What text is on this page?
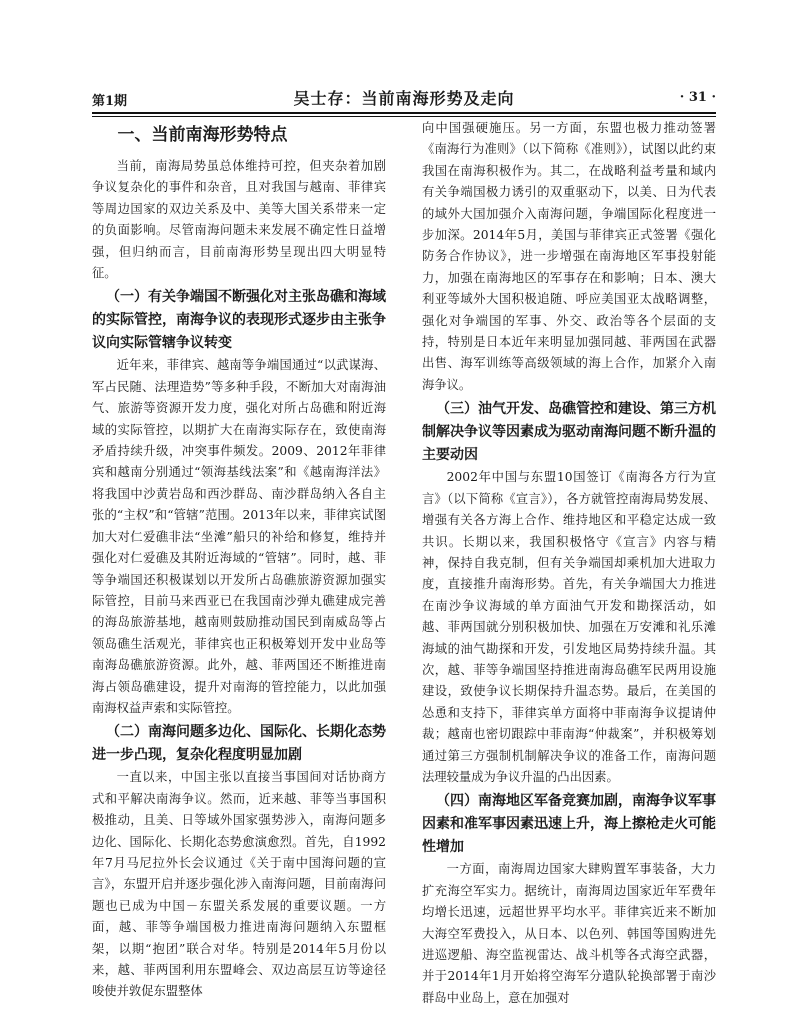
第1期	吴士存：当前南海形势及走向	· 31 ·
一、当前南海形势特点

当前，南海局势虽总体维持可控，但夹杂着加剧争议复杂化的事件和杂音，且对我国与越南、菲律宾等周边国家的双边关系及中、美等大国关系带来一定的负面影响。尽管南海问题未来发展不确定性日益增强，但归纳而言，目前南海形势呈现出四大明显特征。

（一）有关争端国不断强化对主张岛礁和海域的实际管控，南海争议的表现形式逐步由主张争议向实际管辖争议转变

近年来，菲律宾、越南等争端国通过“以武谋海、军占民随、法理造势”等多种手段，不断加大对南海油气、旅游等资源开发力度，强化对所占岛礁和附近海域的实际管控，以期扩大在南海实际存在，致使南海矛盾持续升级，冲突事件频发。2009、2012年菲律宾和越南分别通过“领海基线法案”和《越南海洋法》将我国中沙黄岩岛和西沙群岛、南沙群岛纳入各自主张的“主权”和“管辖”范围。2013年以来，菲律宾试图加大对仁爱礁非法“坐滩”船只的补给和修复，维持并强化对仁爱礁及其附近海域的“管辖”。同时，越、菲等争端国还积极谋划以开发所占岛礁旅游资源加强实际管控，目前马来西亚已在我国南沙弹丸礁建成完善的海岛旅游基地，越南则鼓励推动国民到南威岛等占领岛礁生活观光，菲律宾也正积极筹划开发中业岛等南海岛礁旅游资源。此外，越、菲两国还不断推进南海占领岛礁建设，提升对南海的管控能力，以此加强南海权益声索和实际管控。

（二）南海问题多边化、国际化、长期化态势进一步凸现，复杂化程度明显加剧

一直以来，中国主张以直接当事国间对话协商方式和平解决南海争议。然而，近来越、菲等当事国积极推动，且美、日等域外国家强势涉入，南海问题多边化、国际化、长期化态势愈演愈烈。首先，自1992年7月马尼拉外长会议通过《关于南中国海问题的宣言》，东盟开启并逐步强化涉入南海问题，目前南海问题也已成为中国－东盟关系发展的重要议题。一方面，越、菲等争端国极力推进南海问题纳入东盟框架，以期“抱团”联合对华。特别是2014年5月份以来，越、菲两国利用东盟峰会、双边高层互访等途径唆使并敦促东盟整体

向中国强硬施压。另一方面，东盟也极力推动签署《南海行为准则》（以下简称《准则》），试图以此约束我国在南海积极作为。其二，在战略利益考量和域内有关争端国极力诱引的双重驱动下，以美、日为代表的域外大国加强介入南海问题，争端国际化程度进一步加深。2014年5月，美国与菲律宾正式签署《强化防务合作协议》，进一步增强在南海地区军事投射能力，加强在南海地区的军事存在和影响；日本、澳大利亚等域外大国积极追随、呼应美国亚太战略调整，强化对争端国的军事、外交、政治等各个层面的支持，特别是日本近年来明显加强同越、菲两国在武器出售、海军训练等高级领域的海上合作，加紧介入南海争议。

（三）油气开发、岛礁管控和建设、第三方机制解决争议等因素成为驱动南海问题不断升温的主要动因

2002年中国与东盟10国签订《南海各方行为宣言》（以下简称《宣言》），各方就管控南海局势发展、增强有关各方海上合作、维持地区和平稳定达成一致共识。长期以来，我国积极恪守《宣言》内容与精神，保持自我克制，但有关争端国却乘机加大进取力度，直接推升南海形势。首先，有关争端国大力推进在南沙争议海域的单方面油气开发和勘探活动，如越、菲两国就分别积极加快、加强在万安滩和礼乐滩海域的油气勘探和开发，引发地区局势持续升温。其次，越、菲等争端国坚持推进南海岛礁军民两用设施建设，致使争议长期保持升温态势。最后，在美国的怂恿和支持下，菲律宾单方面将中菲南海争议提请仲裁；越南也密切跟踪中菲南海“仲裁案”，并积极筹划通过第三方强制机制解决争议的准备工作，南海问题法理较量成为争议升温的凸出因素。

（四）南海地区军备竞赛加剧，南海争议军事因素和准军事因素迅速上升，海上擦枪走火可能性增加

一方面，南海周边国家大肆购置军事装备，大力扩充海空军实力。据统计，南海周边国家近年军费年均增长迅速，远超世界平均水平。菲律宾近来不断加大海空军费投入，从日本、以色列、韩国等国购进先进巡逻船、海空监视雷达、战斗机等各式海空武器，并于2014年1月开始将空海军分遣队轮换部署于南沙群岛中业岛上，意在加强对
